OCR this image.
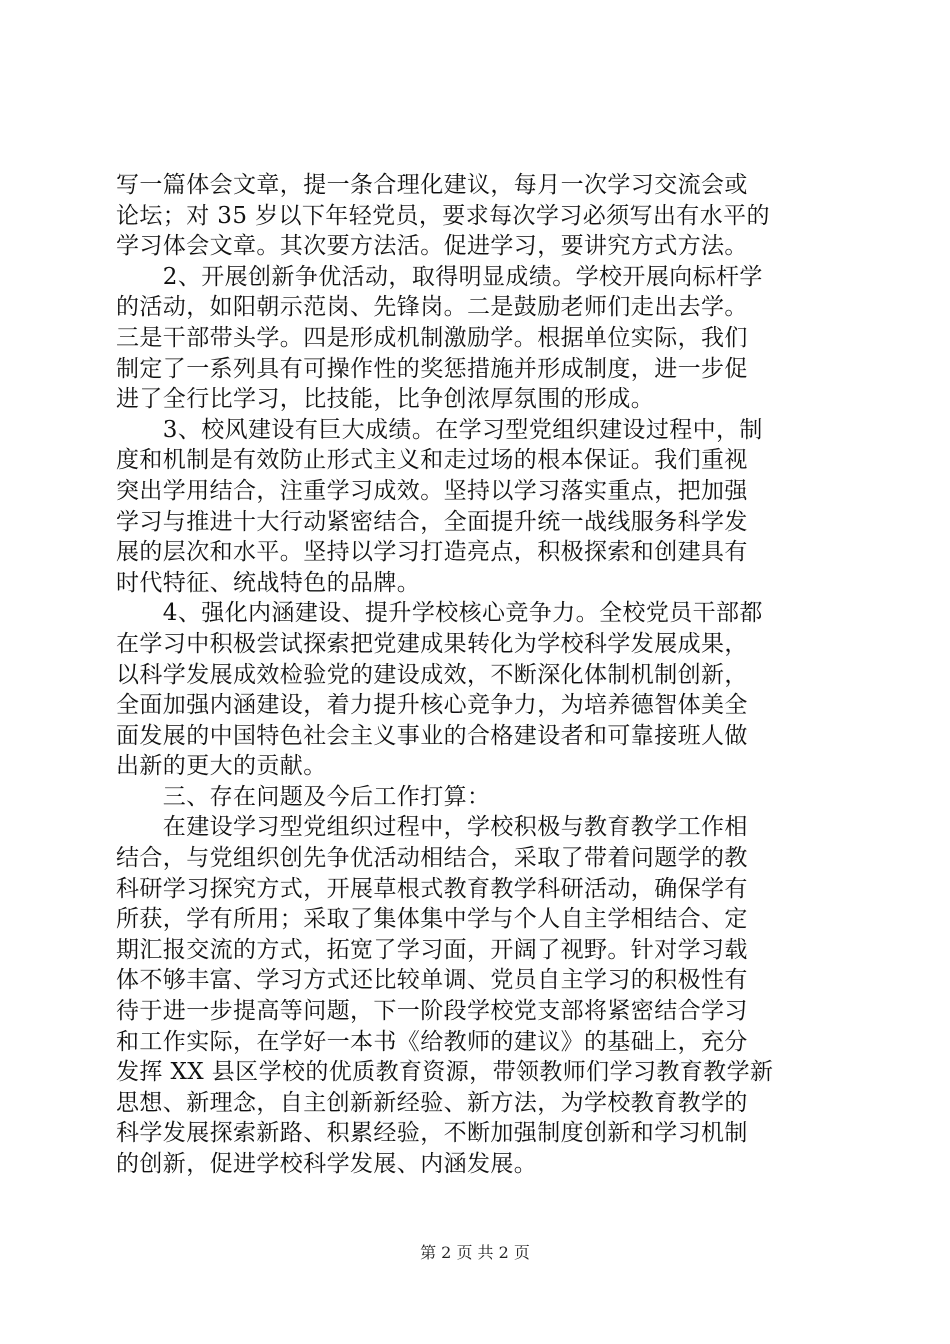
写一篇体会文章，提一条合理化建议，每月一次学习交流会或
论坛；对 35 岁以下年轻党员，要求每次学习必须写出有水平的
学习体会文章。其次要方法活。促进学习，要讲究方式方法。
　　2、开展创新争优活动，取得明显成绩。学校开展向标杆学
的活动，如阳朝示范岗、先锋岗。二是鼓励老师们走出去学。
三是干部带头学。四是形成机制激励学。根据单位实际，我们
制定了一系列具有可操作性的奖惩措施并形成制度，进一步促
进了全行比学习，比技能，比争创浓厚氛围的形成。
　　3、校风建设有巨大成绩。在学习型党组织建设过程中，制
度和机制是有效防止形式主义和走过场的根本保证。我们重视
突出学用结合，注重学习成效。坚持以学习落实重点，把加强
学习与推进十大行动紧密结合，全面提升统一战线服务科学发
展的层次和水平。坚持以学习打造亮点，积极探索和创建具有
时代特征、统战特色的品牌。
　　4、强化内涵建设、提升学校核心竞争力。全校党员干部都
在学习中积极尝试探索把党建成果转化为学校科学发展成果，
以科学发展成效检验党的建设成效，不断深化体制机制创新，
全面加强内涵建设，着力提升核心竞争力，为培养德智体美全
面发展的中国特色社会主义事业的合格建设者和可靠接班人做
出新的更大的贡献。
　　三、存在问题及今后工作打算：
　　在建设学习型党组织过程中，学校积极与教育教学工作相
结合，与党组织创先争优活动相结合，采取了带着问题学的教
科研学习探究方式，开展草根式教育教学科研活动，确保学有
所获，学有所用；采取了集体集中学与个人自主学相结合、定
期汇报交流的方式，拓宽了学习面，开阔了视野。针对学习载
体不够丰富、学习方式还比较单调、党员自主学习的积极性有
待于进一步提高等问题，下一阶段学校党支部将紧密结合学习
和工作实际，在学好一本书《给教师的建议》的基础上，充分
发挥 XX 县区学校的优质教育资源，带领教师们学习教育教学新
思想、新理念，自主创新新经验、新方法，为学校教育教学的
科学发展探索新路、积累经验，不断加强制度创新和学习机制
的创新，促进学校科学发展、内涵发展。
第 2 页 共 2 页
